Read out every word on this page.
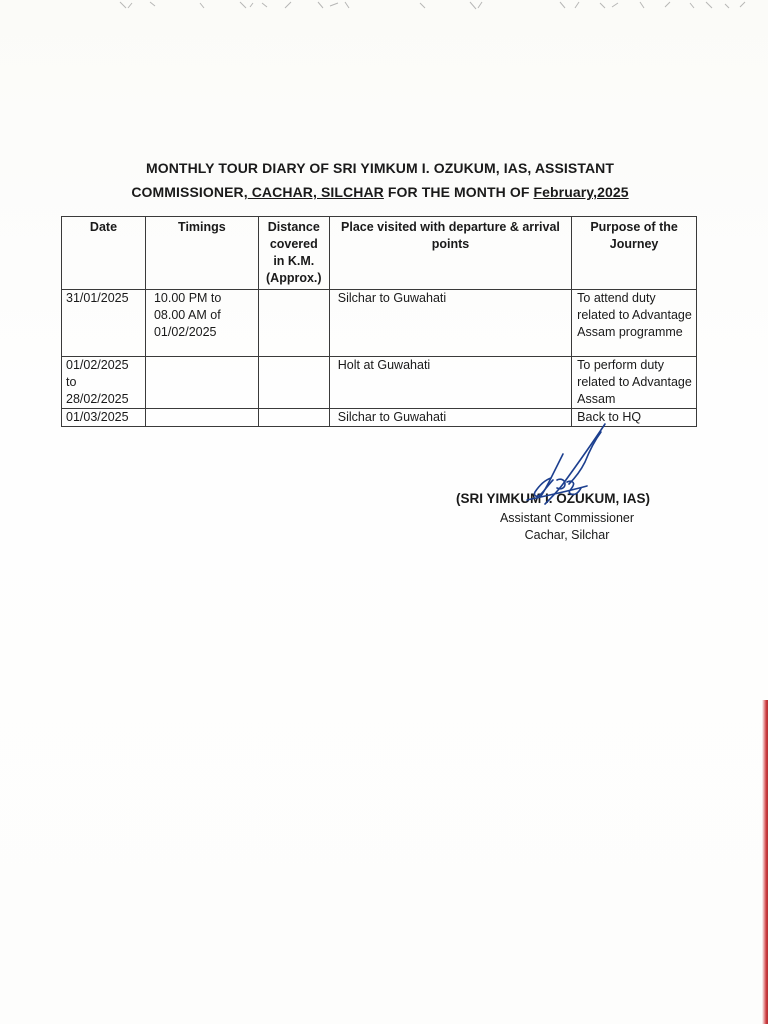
MONTHLY TOUR DIARY OF SRI YIMKUM I. OZUKUM, IAS, ASSISTANT
COMMISSIONER, CACHAR, SILCHAR FOR THE MONTH OF February,2025
Date	Timings	Distance covered in K.M. (Approx.)	Place visited with departure & arrival points	Purpose of the Journey
31/01/2025	10.00 PM to 08.00 AM of 01/02/2025		Silchar to Guwahati	To attend duty related to Advantage Assam programme
01/02/2025 to 28/02/2025			Holt at Guwahati	To perform duty related to Advantage Assam
01/03/2025			Silchar to Guwahati	Back to HQ
(SRI YIMKUM I. OZUKUM, IAS)
Assistant Commissioner
Cachar, Silchar
